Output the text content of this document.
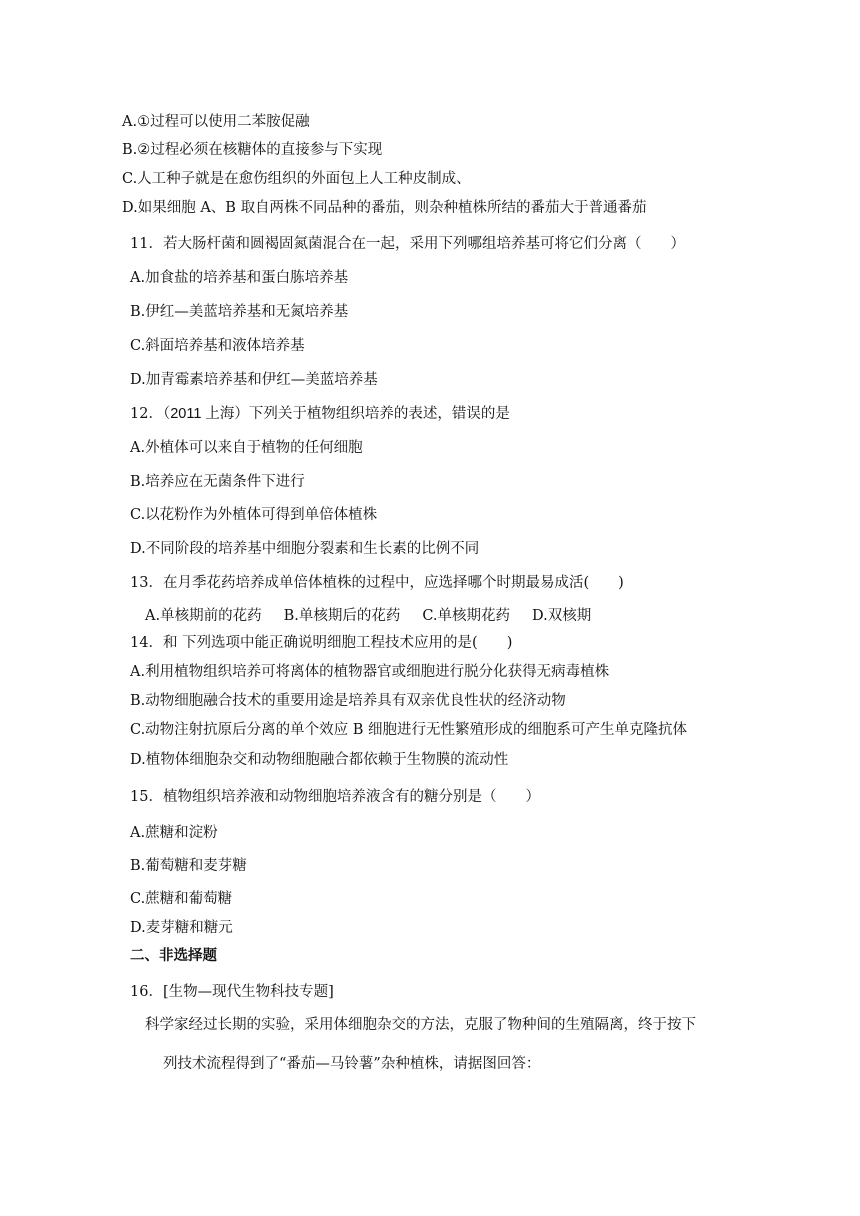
A.①过程可以使用二苯胺促融
B.②过程必须在核糖体的直接参与下实现
C.人工种子就是在愈伤组织的外面包上人工种皮制成、
D.如果细胞 A、B 取自两株不同品种的番茄，则杂种植株所结的番茄大于普通番茄
11．若大肠杆菌和圆褐固氮菌混合在一起，采用下列哪组培养基可将它们分离（　　）
A.加食盐的培养基和蛋白胨培养基
B.伊红—美蓝培养基和无氮培养基
C.斜面培养基和液体培养基
D.加青霉素培养基和伊红—美蓝培养基
12．（2011 上海）下列关于植物组织培养的表述，错误的是
A.外植体可以来自于植物的任何细胞
B.培养应在无菌条件下进行
C.以花粉作为外植体可得到单倍体植株
D.不同阶段的培养基中细胞分裂素和生长素的比例不同
13．在月季花药培养成单倍体植株的过程中，应选择哪个时期最易成活(　　)
A.单核期前的花药 B.单核期后的花药 C.单核期花药 D.双核期
14．和 下列选项中能正确说明细胞工程技术应用的是(　　)
A.利用植物组织培养可将离体的植物器官或细胞进行脱分化获得无病毒植株
B.动物细胞融合技术的重要用途是培养具有双亲优良性状的经济动物
C.动物注射抗原后分离的单个效应 B 细胞进行无性繁殖形成的细胞系可产生单克隆抗体
D.植物体细胞杂交和动物细胞融合都依赖于生物膜的流动性
15．植物组织培养液和动物细胞培养液含有的糖分别是（　　）
A.蔗糖和淀粉
B.葡萄糖和麦芽糖
C.蔗糖和葡萄糖
D.麦芽糖和糖元
二、非选择题
16．[生物—现代生物科技专题]
科学家经过长期的实验，采用体细胞杂交的方法，克服了物种间的生殖隔离，终于按下
列技术流程得到了“番茄—马铃薯”杂种植株，请据图回答：
